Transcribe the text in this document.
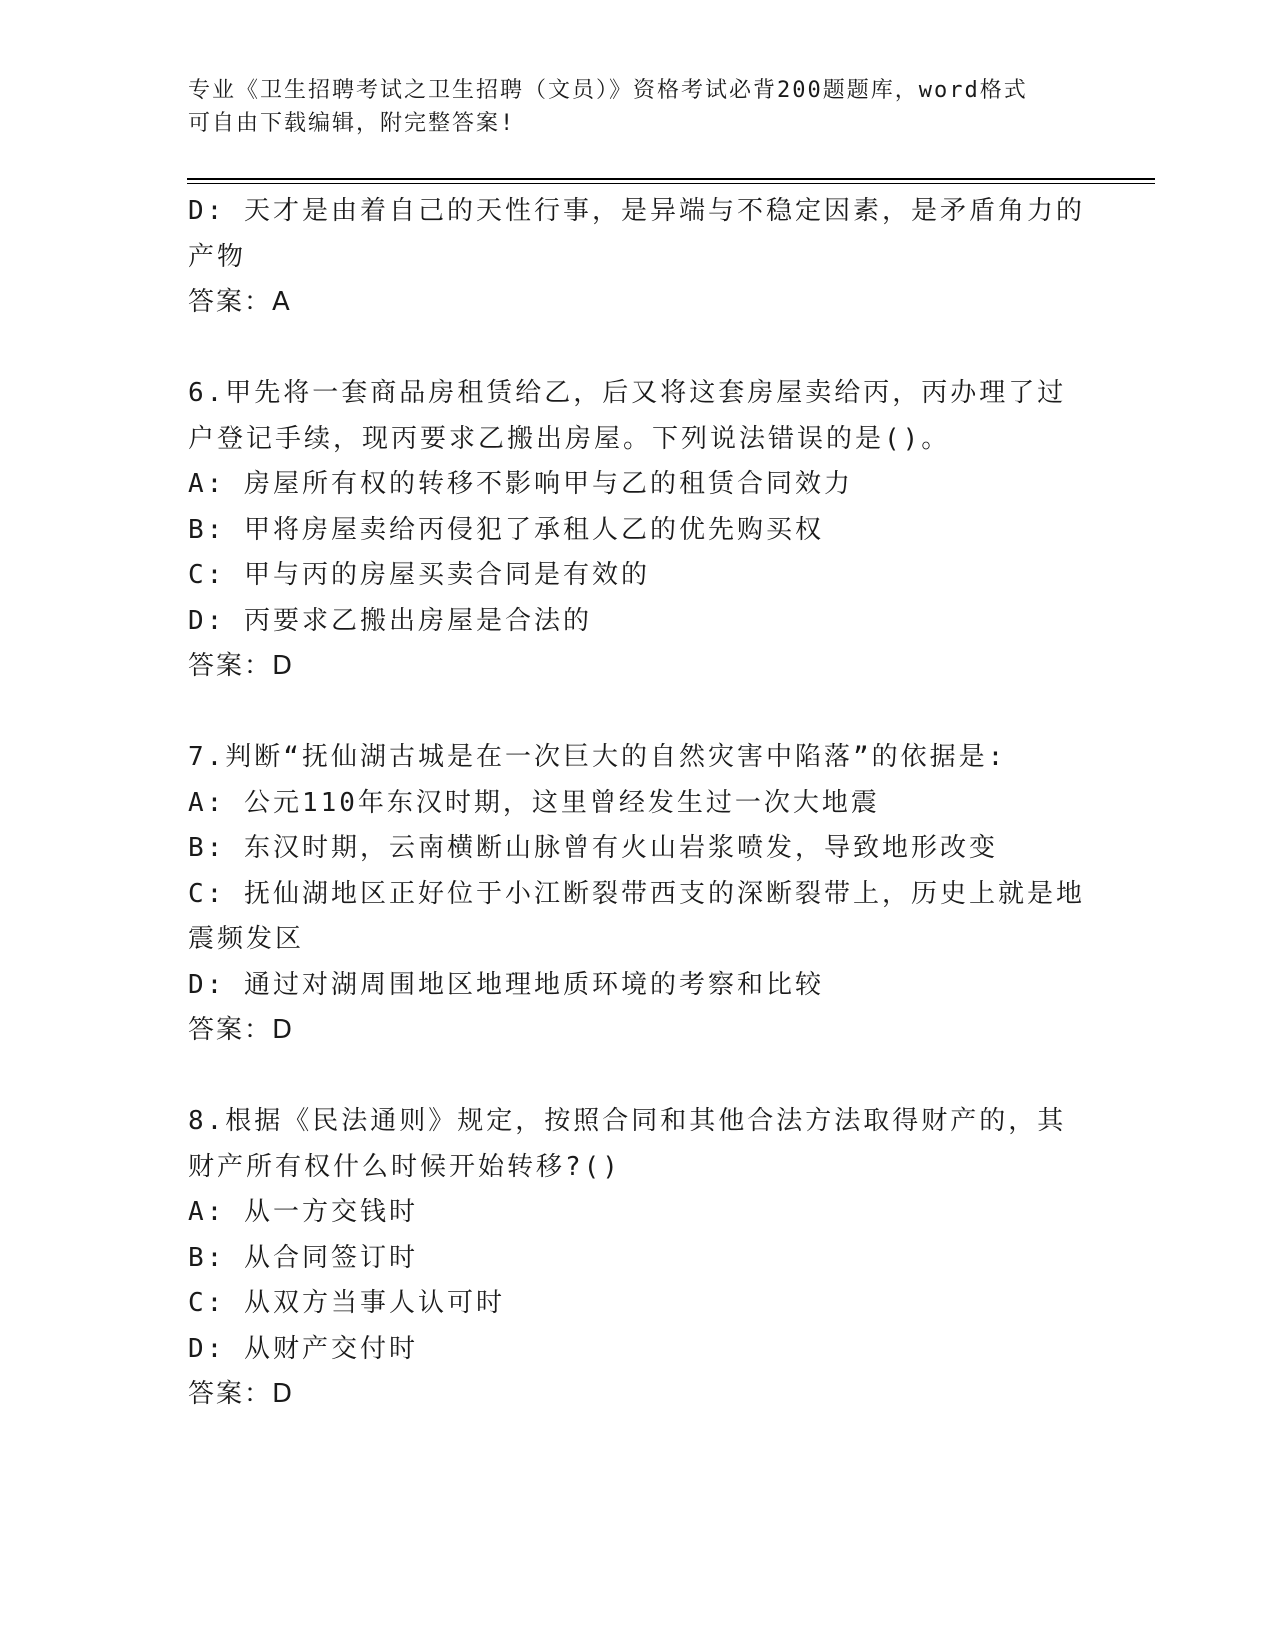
专业《卫生招聘考试之卫生招聘（文员）》资格考试必背200题题库，word格式
可自由下载编辑，附完整答案!
D: 天才是由着自己的天性行事，是异端与不稳定因素，是矛盾角力的
产物
答案：A
6.甲先将一套商品房租赁给乙，后又将这套房屋卖给丙，丙办理了过
户登记手续，现丙要求乙搬出房屋。下列说法错误的是()。
A: 房屋所有权的转移不影响甲与乙的租赁合同效力
B: 甲将房屋卖给丙侵犯了承租人乙的优先购买权
C: 甲与丙的房屋买卖合同是有效的
D: 丙要求乙搬出房屋是合法的
答案：D
7.判断“抚仙湖古城是在一次巨大的自然灾害中陷落”的依据是:
A: 公元110年东汉时期，这里曾经发生过一次大地震
B: 东汉时期，云南横断山脉曾有火山岩浆喷发，导致地形改变
C: 抚仙湖地区正好位于小江断裂带西支的深断裂带上，历史上就是地
震频发区
D: 通过对湖周围地区地理地质环境的考察和比较
答案：D
8.根据《民法通则》规定，按照合同和其他合法方法取得财产的，其
财产所有权什么时候开始转移?()
A: 从一方交钱时
B: 从合同签订时
C: 从双方当事人认可时
D: 从财产交付时
答案：D
